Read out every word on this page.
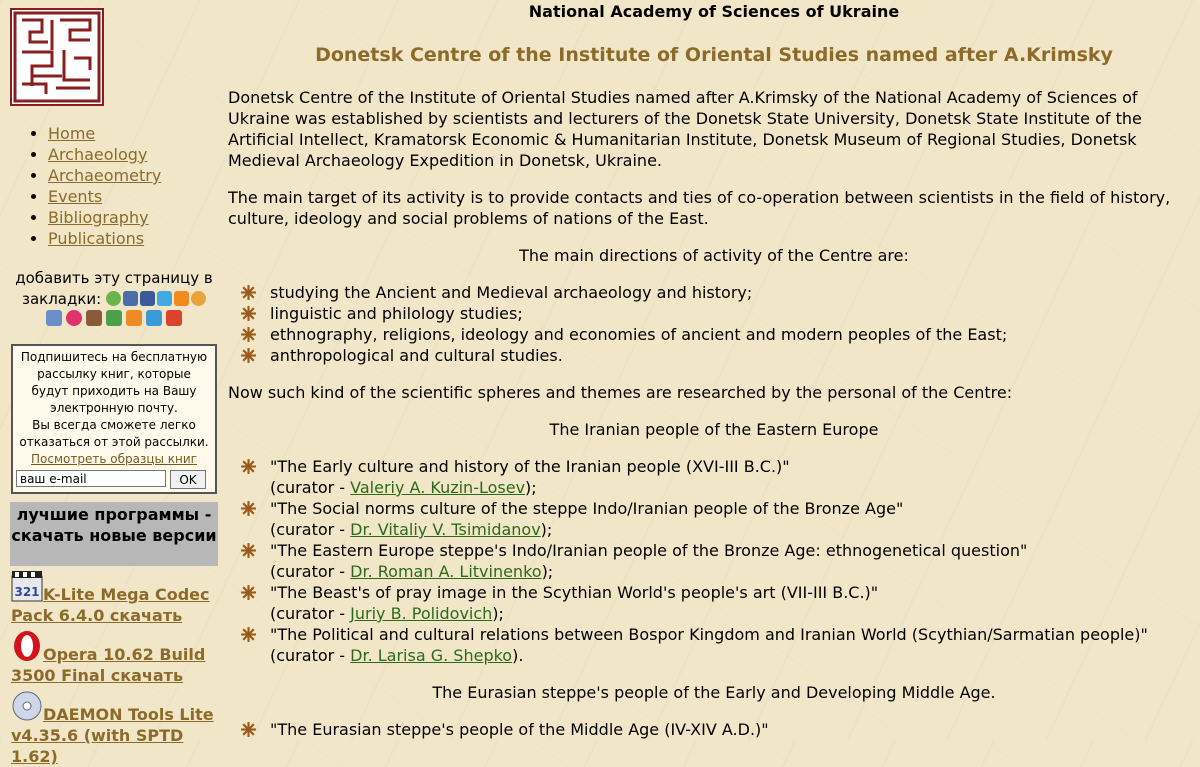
• Home
• Archaeology
• Archaeometry
• Events
• Bibliography
• Publications
добавить эту страницу в закладки:
Подпишитесь на бесплатную рассылку книг, которые будут приходить на Вашу электронную почту.
Вы всегда сможете легко отказаться от этой рассылки.
Посмотреть образцы книг
ваш e-mail
OK
лучшие программы - скачать новые версии
321 K-Lite Mega Codec Pack 6.4.0 скачать
Opera 10.62 Build 3500 Final скачать
DAEMON Tools Lite v4.35.6 (with SPTD 1.62)
National Academy of Sciences of Ukraine
Donetsk Centre of the Institute of Oriental Studies named after A.Krimsky
Donetsk Centre of the Institute of Oriental Studies named after A.Krimsky of the National Academy of Sciences of Ukraine was established by scientists and lecturers of the Donetsk State University, Donetsk State Institute of the Artificial Intellect, Kramatorsk Economic & Humanitarian Institute, Donetsk Museum of Regional Studies, Donetsk Medieval Archaeology Expedition in Donetsk, Ukraine.
The main target of its activity is to provide contacts and ties of co-operation between scientists in the field of history, culture, ideology and social problems of nations of the East.
The main directions of activity of the Centre are:
studying the Ancient and Medieval archaeology and history;
linguistic and philology studies;
ethnography, religions, ideology and economies of ancient and modern peoples of the East;
anthropological and cultural studies.
Now such kind of the scientific spheres and themes are researched by the personal of the Centre:
The Iranian people of the Eastern Europe
"The Early culture and history of the Iranian people (XVI-III B.C.)"
(curator - Valeriy A. Kuzin-Losev);
"The Social norms culture of the steppe Indo/Iranian people of the Bronze Age"
(curator - Dr. Vitaliy V. Tsimidanov);
"The Eastern Europe steppe's Indo/Iranian people of the Bronze Age: ethnogenetical question"
(curator - Dr. Roman A. Litvinenko);
"The Beast's of pray image in the Scythian World's people's art (VII-III B.C.)"
(curator - Juriy B. Polidovich);
"The Political and cultural relations between Bospor Kingdom and Iranian World (Scythian/Sarmatian people)"
(curator - Dr. Larisa G. Shepko).
The Eurasian steppe's people of the Early and Developing Middle Age.
"The Eurasian steppe's people of the Middle Age (IV-XIV A.D.)"
